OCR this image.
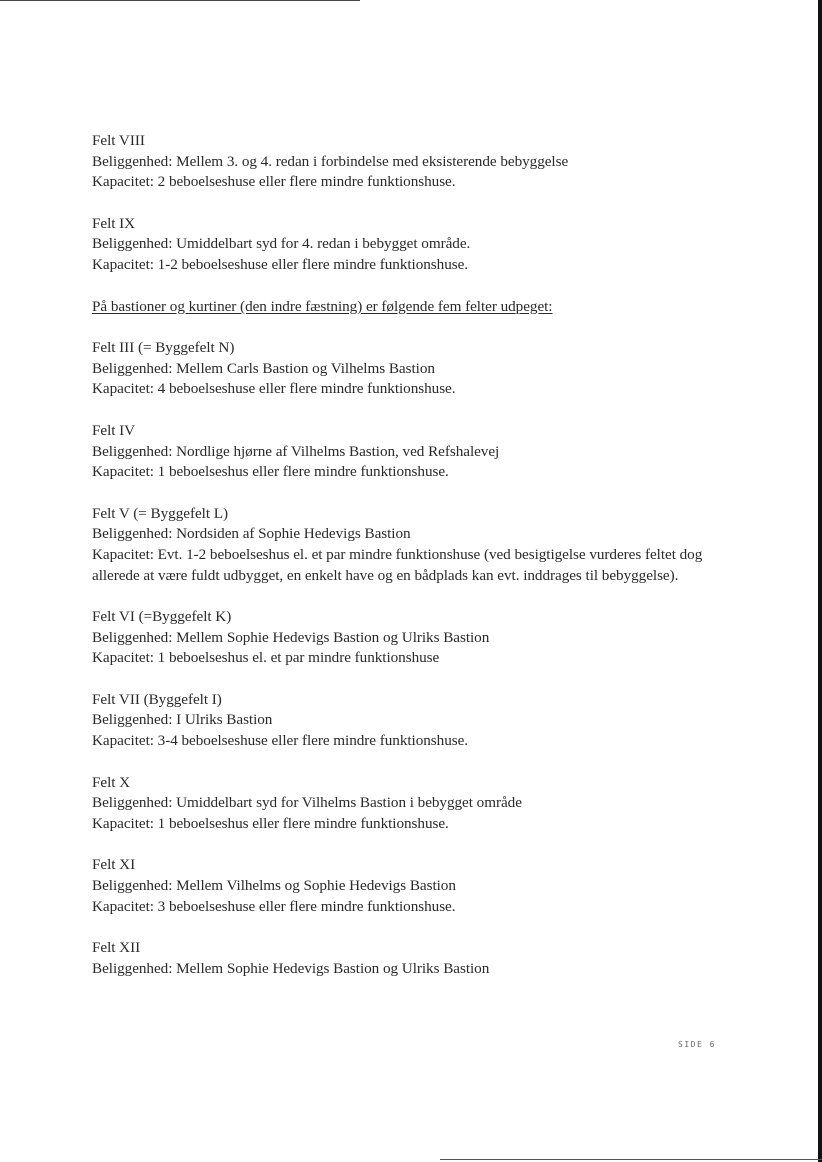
Felt VIII

Beliggenhed: Mellem 3. og 4. redan i forbindelse med eksisterende bebyggelse

Kapacitet: 2 beboelseshuse eller flere mindre funktionshuse.

Felt IX

Beliggenhed: Umiddelbart syd for 4. redan i bebygget område.

Kapacitet: 1-2 beboelseshuse eller flere mindre funktionshuse.

På bastioner og kurtiner (den indre fæstning) er følgende fem felter udpeget:

Felt III (= Byggefelt N)

Beliggenhed: Mellem Carls Bastion og Vilhelms Bastion

Kapacitet: 4 beboelseshuse eller flere mindre funktionshuse.

Felt IV

Beliggenhed: Nordlige hjørne af Vilhelms Bastion, ved Refshalevej

Kapacitet: 1 beboelseshus eller flere mindre funktionshuse.

Felt V (= Byggefelt L)

Beliggenhed: Nordsiden af Sophie Hedevigs Bastion

Kapacitet: Evt. 1-2 beboelseshus el. et par mindre funktionshuse (ved besigtigelse vurderes feltet dog allerede at være fuldt udbygget, en enkelt have og en bådplads kan evt. inddrages til bebyggelse).

Felt VI (=Byggefelt K)

Beliggenhed: Mellem Sophie Hedevigs Bastion og Ulriks Bastion

Kapacitet: 1 beboelseshus el. et par mindre funktionshuse

Felt VII (Byggefelt I)

Beliggenhed: I Ulriks Bastion

Kapacitet: 3-4 beboelseshuse eller flere mindre funktionshuse.

Felt X

Beliggenhed: Umiddelbart syd for Vilhelms Bastion i bebygget område

Kapacitet: 1 beboelseshus eller flere mindre funktionshuse.

Felt XI

Beliggenhed: Mellem Vilhelms og Sophie Hedevigs Bastion

Kapacitet: 3 beboelseshuse eller flere mindre funktionshuse.

Felt XII

Beliggenhed: Mellem Sophie Hedevigs Bastion og Ulriks Bastion

SIDE 6
